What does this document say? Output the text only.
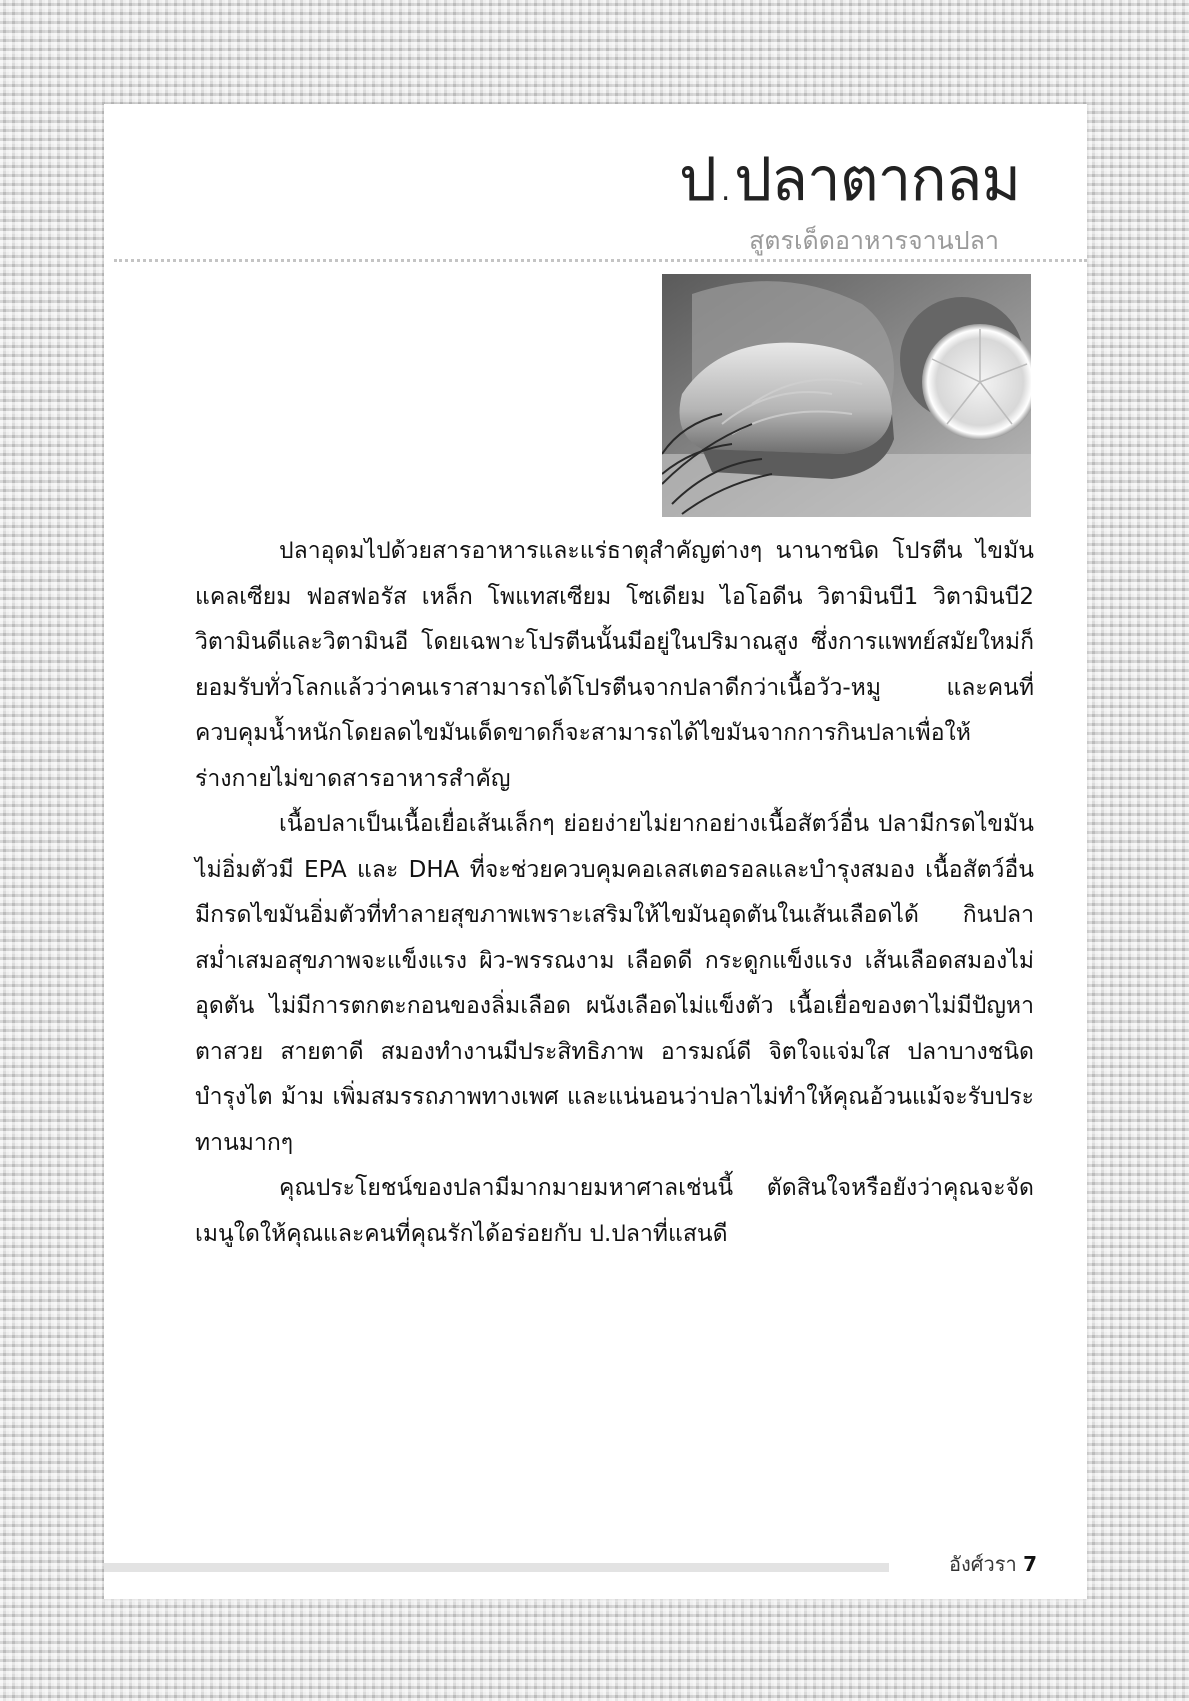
ป.ปลาตากลม
สูตรเด็ดอาหารจานปลา

ปลาอุดมไปด้วยสารอาหารและแร่ธาตุสำคัญต่างๆ นานาชนิด โปรตีน ไขมัน แคลเซียม ฟอสฟอรัส เหล็ก โพแทสเซียม โซเดียม ไอโอดีน วิตามินบี1 วิตามินบี2 วิตามินดีและวิตามินอี โดยเฉพาะโปรตีนนั้นมีอยู่ในปริมาณสูง ซึ่งการแพทย์สมัยใหม่ก็ยอมรับทั่วโลกแล้วว่าคนเราสามารถได้โปรตีนจากปลาดีกว่าเนื้อวัว-หมู และคนที่ควบคุมน้ำหนักโดยลดไขมันเด็ดขาดก็จะสามารถได้ไขมันจากการกินปลาเพื่อให้ร่างกายไม่ขาดสารอาหารสำคัญ

เนื้อปลาเป็นเนื้อเยื่อเส้นเล็กๆ ย่อยง่ายไม่ยากอย่างเนื้อสัตว์อื่น ปลามีกรดไขมันไม่อิ่มตัวมี EPA และ DHA ที่จะช่วยควบคุมคอเลสเตอรอลและบำรุงสมอง เนื้อสัตว์อื่นมีกรดไขมันอิ่มตัวที่ทำลายสุขภาพเพราะเสริมให้ไขมันอุดตันในเส้นเลือดได้ กินปลาสม่ำเสมอสุขภาพจะแข็งแรง ผิว-พรรณงาม เลือดดี กระดูกแข็งแรง เส้นเลือดสมองไม่อุดตัน ไม่มีการตกตะกอนของลิ่มเลือด ผนังเลือดไม่แข็งตัว เนื้อเยื่อของตาไม่มีปัญหาตาสวย สายตาดี สมองทำงานมีประสิทธิภาพ อารมณ์ดี จิตใจแจ่มใส ปลาบางชนิดบำรุงไต ม้าม เพิ่มสมรรถภาพทางเพศ และแน่นอนว่าปลาไม่ทำให้คุณอ้วนแม้จะรับประทานมากๆ

คุณประโยชน์ของปลามีมากมายมหาศาลเช่นนี้ ตัดสินใจหรือยังว่าคุณจะจัดเมนูใดให้คุณและคนที่คุณรักได้อร่อยกับ ป.ปลาที่แสนดี

อังศ์วรา 7
